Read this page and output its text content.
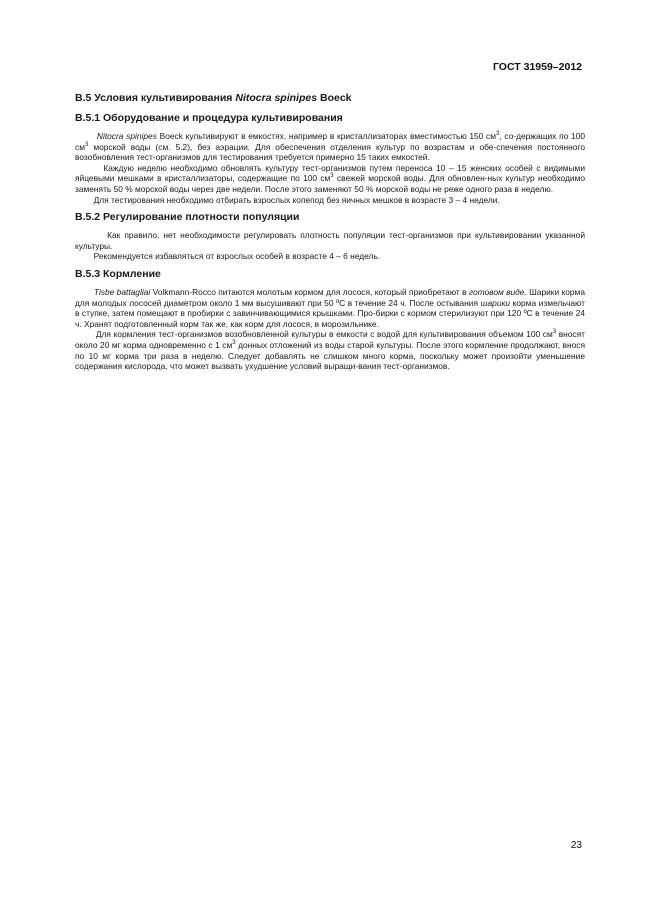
ГОСТ 31959–2012
B.5 Условия культивирования Nitocra spinipes Boeck
B.5.1 Оборудование и процедура культивирования

Nitocra spinipes Boeck культивируют в емкостях, например в кристаллизаторах вместимостью 150 $см^3$, со-держащих по 100 $см^3$ морской воды (см. 5.2), без аэрации. Для обеспечения отделения культур по возрастам и обе-спечения постоянного возобновления тест-организмов для тестирования требуется примерно 15 таких емкостей.

Каждую неделю необходимо обновлять культуру тест-организмов путем переноса 10 – 15 женских особей с видимыми яйцевыми мешками в кристаллизаторы, содержащие по 100 $см^3$ свежей морской воды. Для обновлен-ных культур необходимо заменять 50 % морской воды через две недели. После этого заменяют 50 % морской воды не реже одного раза в неделю.

Для тестирования необходимо отбирать взрослых копепод без яичных мешков в возрасте 3 – 4 недели.

B.5.2 Регулирование плотности популяции

Как правило, нет необходимости регулировать плотность популяции тест-организмов при культивировании указанной культуры.

Рекомендуется избавляться от взрослых особей в возрасте 4 – 6 недель.

B.5.3 Кормление

Tisbe battagliai Volkmann-Rocco питаются молотым кормом для лосося, который приобретают в готовом виде. Шарики корма для молодых лососей диаметром около 1 мм высушивают при 50 ºС в течение 24 ч. После остывания шарики корма измельчают в ступке, затем помещают в пробирки с завинчивающимися крышками. Про-бирки с кормом стерилизуют при 120 ºС в течение 24 ч. Хранят подготовленный корм так же, как корм для лосося, в морозильнике.

Для кормления тест-организмов возобновленной культуры в емкости с водой для культивирования объемом 100 $см^3$ вносят около 20 мг корма одновременно с 1 $см^3$ донных отложений из воды старой культуры. После этого кормление продолжают, внося по 10 мг корма три раза в неделю. Следует добавлять не слишком много корма, поскольку может произойти уменьшение содержания кислорода, что может вызвать ухудшение условий выращи-вания тест-организмов.

23
